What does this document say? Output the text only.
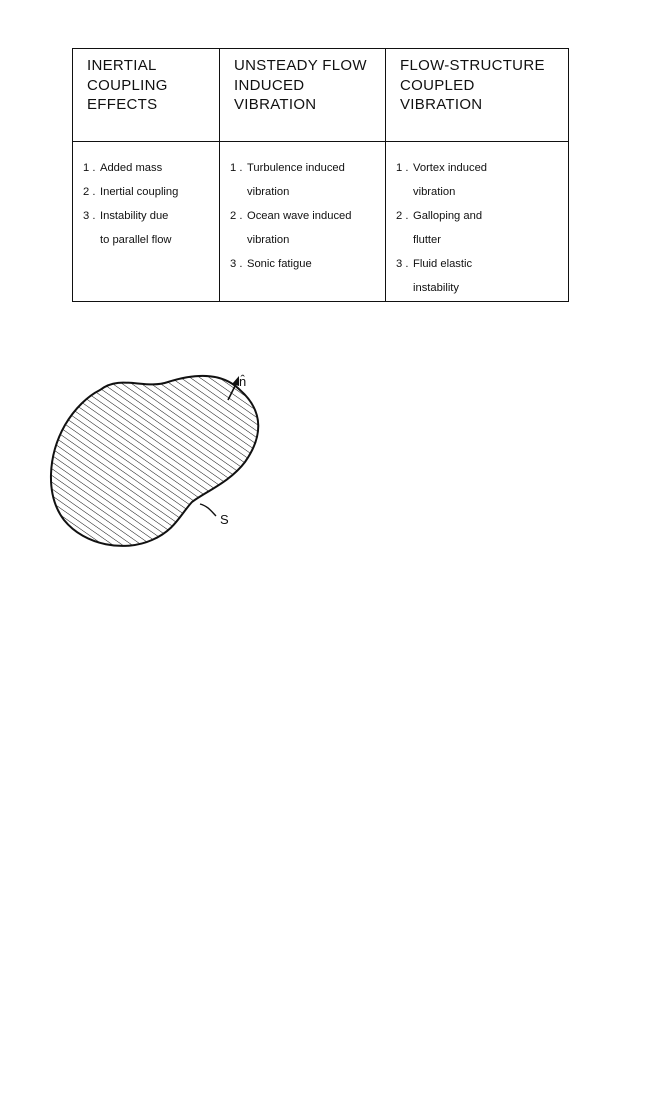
INERTIAL
COUPLING
EFFECTS
UNSTEADY FLOW
INDUCED
VIBRATION
FLOW-STRUCTURE
COUPLED
VIBRATION
1 . Added mass
2 . Inertial coupling
3 . Instability due
to parallel flow
1 . Turbulence induced
vibration
2 . Ocean wave induced
vibration
3 . Sonic fatigue
1 . Vortex induced
vibration
2 . Galloping and
flutter
3 . Fluid elastic
instability
n̂
S
